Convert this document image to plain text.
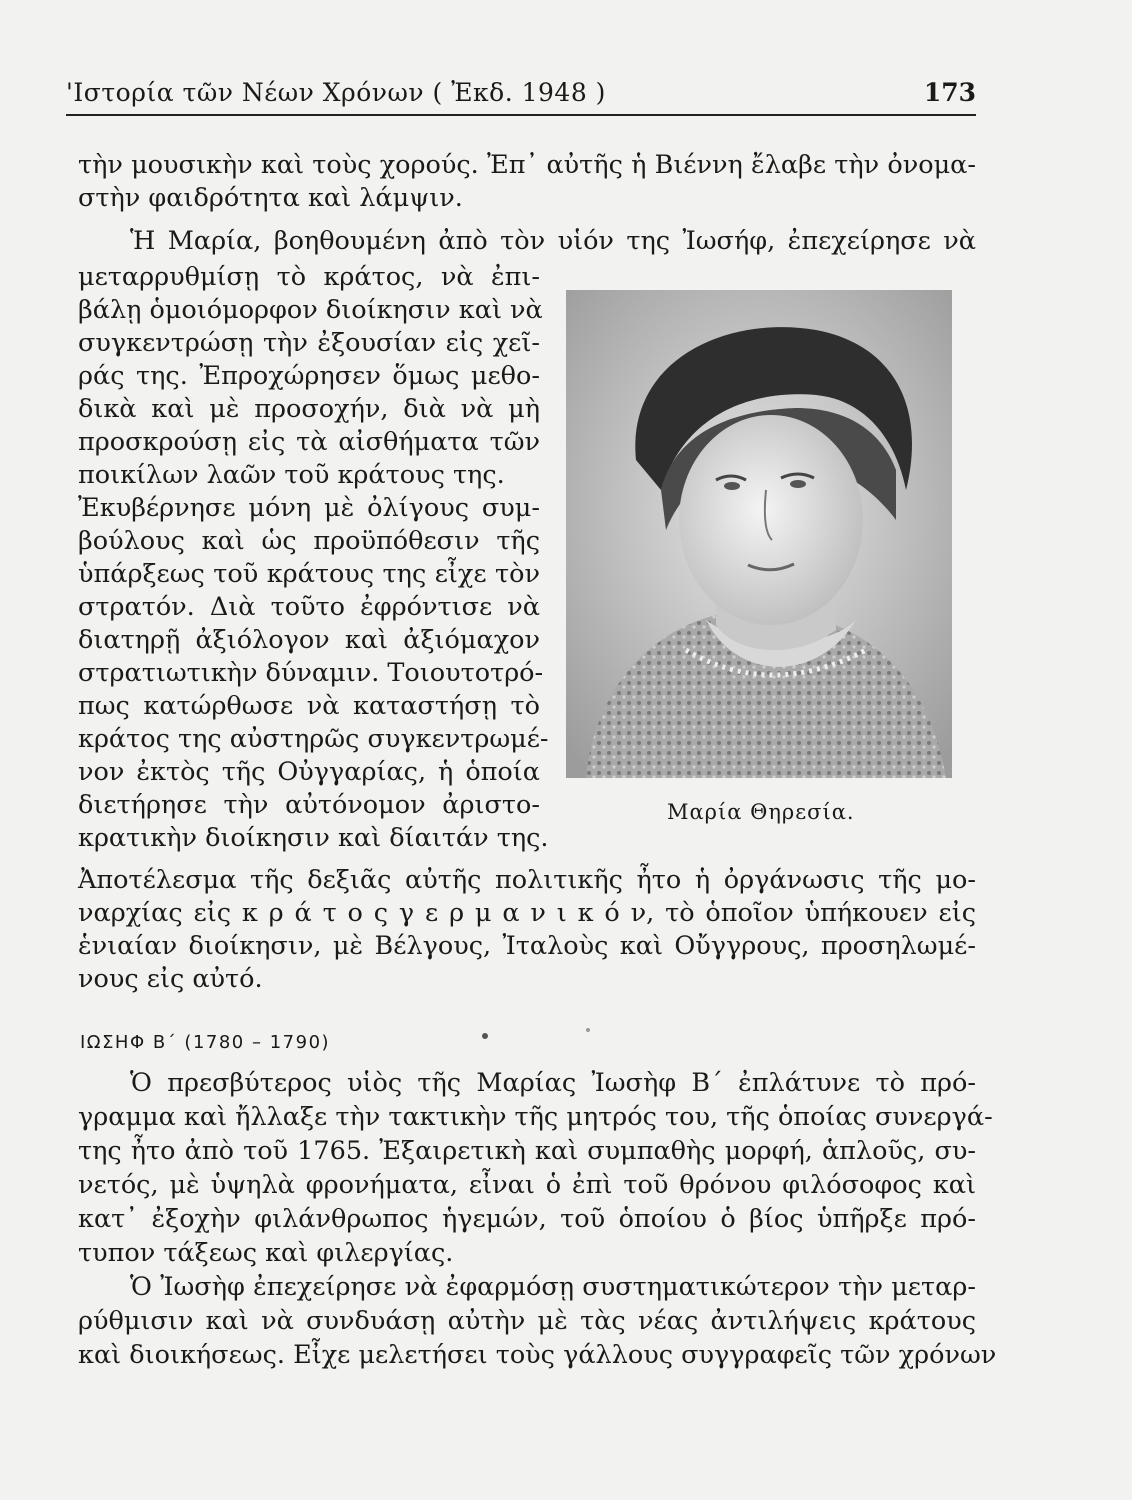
'Ιστορία τῶν Νέων Χρόνων ( Ἐκδ. 1948 )	173
τὴν μουσικὴν καὶ τοὺς χορούς. Ἐπ᾿ αὐτῆς ἡ Βιέννη ἔλαβε τὴν ὀνομα-
στὴν φαιδρότητα καὶ λάμψιν.
Ἡ Μαρία, βοηθουμένη ἀπὸ τὸν υἱόν της Ἰωσήφ, ἐπεχείρησε νὰ
μεταρρυθμίσῃ τὸ κράτος, νὰ ἐπι-
βάλῃ ὁμοιόμορφον διοίκησιν καὶ νὰ
συγκεντρώσῃ τὴν ἐξουσίαν εἰς χεῖ-
ράς της. Ἐπροχώρησεν ὅμως μεθο-
δικὰ καὶ μὲ προσοχήν, διὰ νὰ μὴ
προσκρούσῃ εἰς τὰ αἰσθήματα τῶν
ποικίλων λαῶν τοῦ κράτους της.
Ἐκυβέρνησε μόνη μὲ ὀλίγους συμ-
βούλους καὶ ὡς προϋπόθεσιν τῆς
ὑπάρξεως τοῦ κράτους της εἶχε τὸν
στρατόν. Διὰ τοῦτο ἐφρόντισε νὰ
διατηρῇ ἀξιόλογον καὶ ἀξιόμαχον
στρατιωτικὴν δύναμιν. Τοιουτοτρό-
πως κατώρθωσε νὰ καταστήσῃ τὸ
κράτος της αὐστηρῶς συγκεντρωμέ-
νον ἐκτὸς τῆς Οὐγγαρίας, ἡ ὁποία
διετήρησε τὴν αὐτόνομον ἀριστο-
κρατικὴν διοίκησιν καὶ δίαιτάν της.
Μαρία Θηρεσία.
Ἀποτέλεσμα τῆς δεξιᾶς αὐτῆς πολιτικῆς ἦτο ἡ ὀργάνωσις τῆς μο-
ναρχίας εἰς κ ρ ά τ ο ς γ ε ρ μ α ν ι κ ό ν, τὸ ὁποῖον ὑπήκουεν εἰς
ἑνιαίαν διοίκησιν, μὲ Βέλγους, Ἰταλοὺς καὶ Οὔγγρους, προσηλωμέ-
νους εἰς αὐτό.
ΙΩΣΗΦ Β΄ (1780 – 1790)
Ὁ πρεσβύτερος υἱὸς τῆς Μαρίας Ἰωσὴφ Β΄ ἐπλάτυνε τὸ πρό-
γραμμα καὶ ἤλλαξε τὴν τακτικὴν τῆς μητρός του, τῆς ὁποίας συνεργά-
της ἦτο ἀπὸ τοῦ 1765. Ἐξαιρετικὴ καὶ συμπαθὴς μορφή, ἁπλοῦς, συ-
νετός, μὲ ὑψηλὰ φρονήματα, εἶναι ὁ ἐπὶ τοῦ θρόνου φιλόσοφος καὶ
κατ᾿ ἐξοχὴν φιλάνθρωπος ἡγεμών, τοῦ ὁποίου ὁ βίος ὑπῆρξε πρό-
τυπον τάξεως καὶ φιλεργίας.
Ὁ Ἰωσὴφ ἐπεχείρησε νὰ ἐφαρμόσῃ συστηματικώτερον τὴν μεταρ-
ρύθμισιν καὶ νὰ συνδυάσῃ αὐτὴν μὲ τὰς νέας ἀντιλήψεις κράτους
καὶ διοικήσεως. Εἶχε μελετήσει τοὺς γάλλους συγγραφεῖς τῶν χρόνων
